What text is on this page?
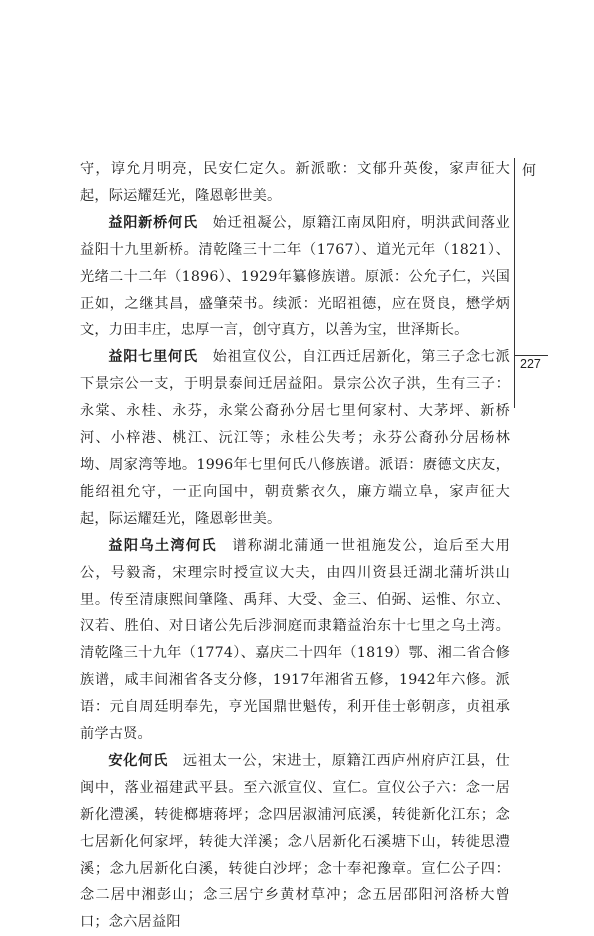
守，谆允月明亮，民安仁定久。新派歌：文郁升英俊，家声征大起，际运耀廷光，隆恩彰世美。

益阳新桥何氏  始迁祖凝公，原籍江南凤阳府，明洪武间落业益阳十九里新桥。清乾隆三十二年（1767）、道光元年（1821）、光绪二十二年（1896）、1929年纂修族谱。原派：公允子仁，兴国正如，之继其昌，盛肇荣书。续派：光昭祖德，应在贤良，懋学炳文，力田丰庄，忠厚一言，创守真方，以善为宝，世泽斯长。

益阳七里何氏  始祖宣仪公，自江西迁居新化，第三子念七派下景宗公一支，于明景泰间迁居益阳。景宗公次子洪，生有三子：永棠、永桂、永芬，永棠公裔孙分居七里何家村、大茅坪、新桥河、小梓港、桃江、沅江等；永桂公失考；永芬公裔孙分居杨林坳、周家湾等地。1996年七里何氏八修族谱。派语：赓德文庆友，能绍祖允守，一正向国中，朝贲紫衣久，廉方端立阜，家声征大起，际运耀廷光，隆恩彰世美。

益阳乌土湾何氏  谱称湖北蒲通一世祖施发公，迨后至大用公，号毅斋，宋理宗时授宣议大夫，由四川资县迁湖北蒲圻洪山里。传至清康熙间肇隆、禹拜、大受、金三、伯弼、运惟、尔立、汉若、胜伯、对日诸公先后涉洞庭而隶籍益治东十七里之乌土湾。清乾隆三十九年（1774）、嘉庆二十四年（1819）鄂、湘二省合修族谱，咸丰间湘省各支分修，1917年湘省五修，1942年六修。派语：元自周廷明奉先，亨光国鼎世魁传，利开佳士彰朝彦，贞祖承前学古贤。

安化何氏  远祖太一公，宋进士，原籍江西庐州府庐江县，仕闽中，落业福建武平县。至六派宣仪、宣仁。宣仪公子六：念一居新化澧溪，转徙榔塘蒋坪；念四居淑浦河底溪，转徙新化江东；念七居新化何家坪，转徙大洋溪；念八居新化石溪塘下山，转徙思澧溪；念九居新化白溪，转徙白沙坪；念十奉祀豫章。宣仁公子四：念二居中湘彭山；念三居宁乡黄材草冲；念五居邵阳河洛桥大曾口；念六居益阳

何
227
